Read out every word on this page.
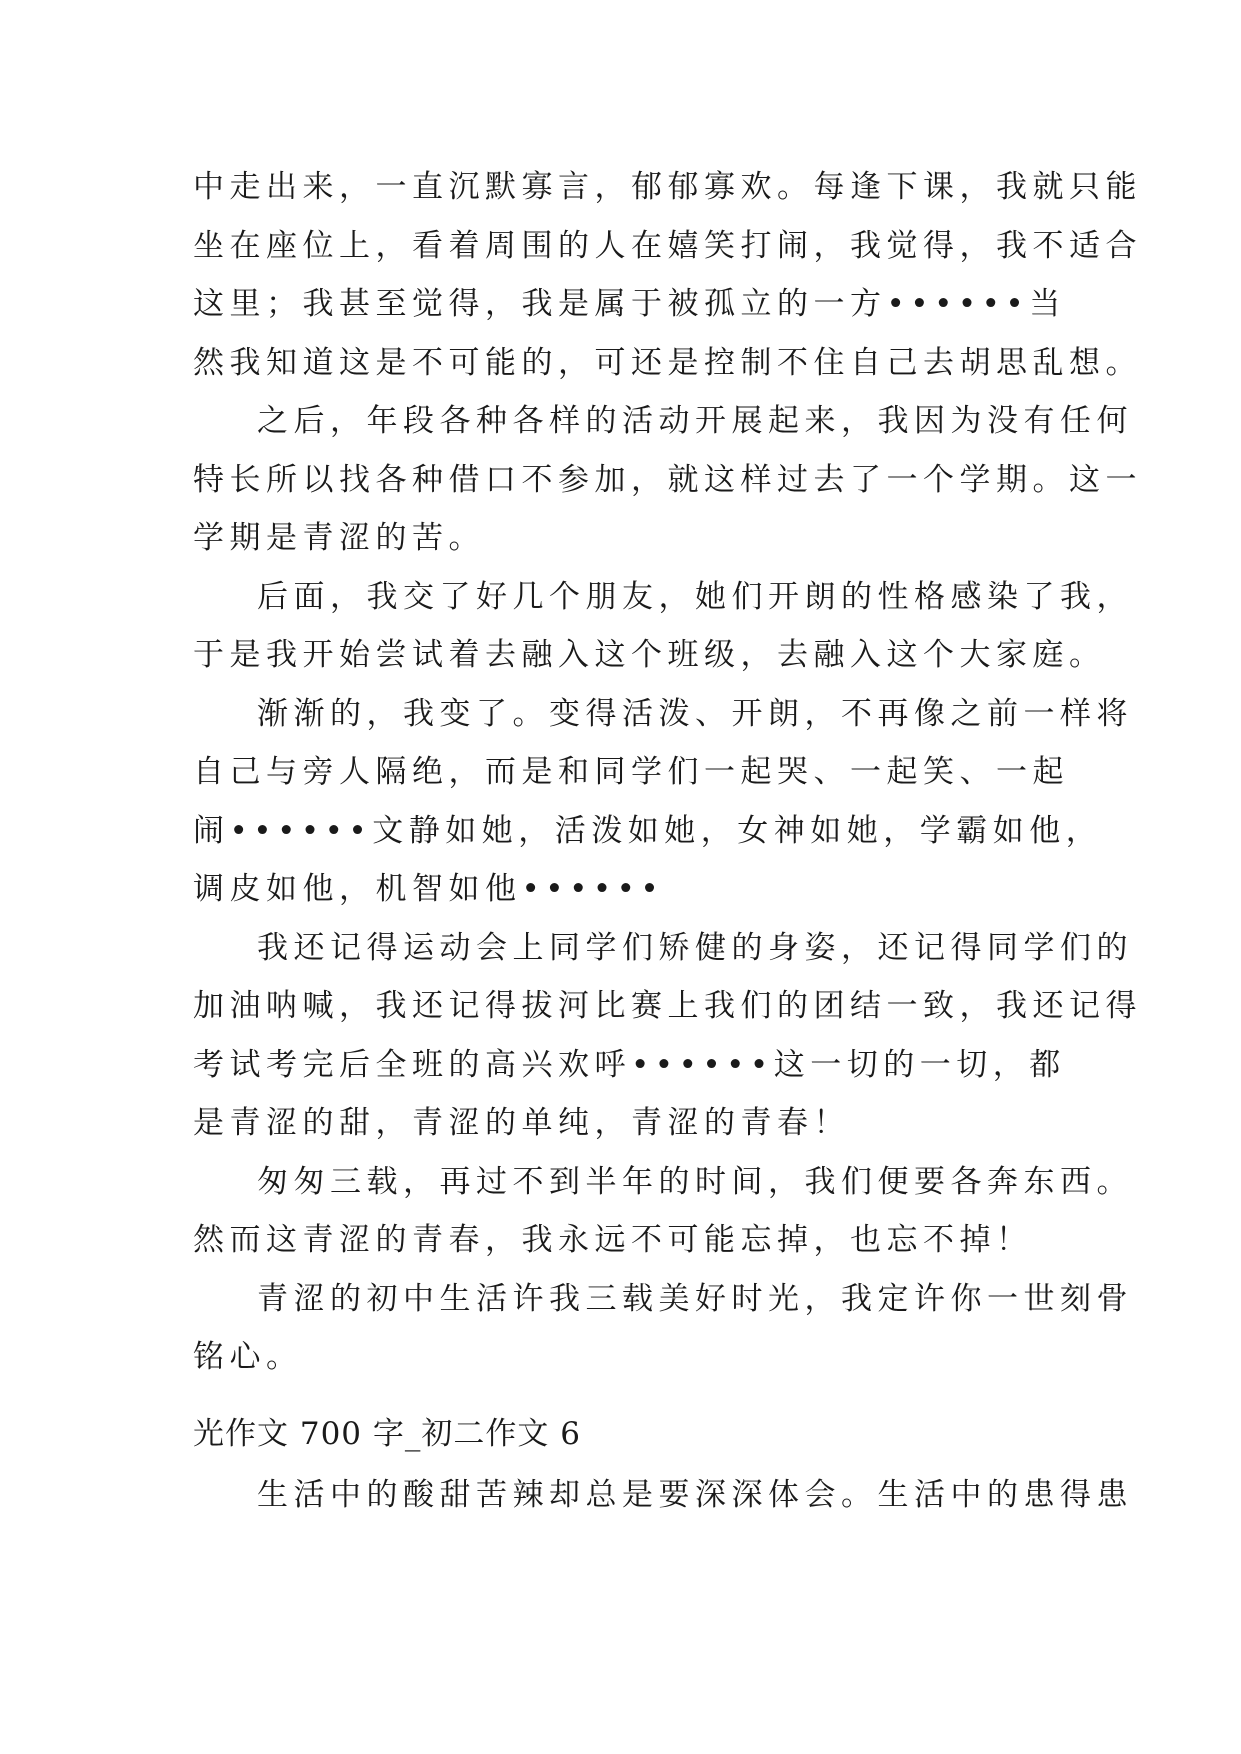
中走出来，一直沉默寡言，郁郁寡欢。每逢下课，我就只能
坐在座位上，看着周围的人在嬉笑打闹，我觉得，我不适合
这里；我甚至觉得，我是属于被孤立的一方••••••当
然我知道这是不可能的，可还是控制不住自己去胡思乱想。
之后，年段各种各样的活动开展起来，我因为没有任何
特长所以找各种借口不参加，就这样过去了一个学期。这一
学期是青涩的苦。
后面，我交了好几个朋友，她们开朗的性格感染了我，
于是我开始尝试着去融入这个班级，去融入这个大家庭。
渐渐的，我变了。变得活泼、开朗，不再像之前一样将
自己与旁人隔绝，而是和同学们一起哭、一起笑、一起
闹••••••文静如她，活泼如她，女神如她，学霸如他，
调皮如他，机智如他••••••
我还记得运动会上同学们矫健的身姿，还记得同学们的
加油呐喊，我还记得拔河比赛上我们的团结一致，我还记得
考试考完后全班的高兴欢呼••••••这一切的一切，都
是青涩的甜，青涩的单纯，青涩的青春！
匆匆三载，再过不到半年的时间，我们便要各奔东西。
然而这青涩的青春，我永远不可能忘掉，也忘不掉！
青涩的初中生活许我三载美好时光，我定许你一世刻骨
铭心。
光作文 700 字_初二作文 6
生活中的酸甜苦辣却总是要深深体会。生活中的患得患
